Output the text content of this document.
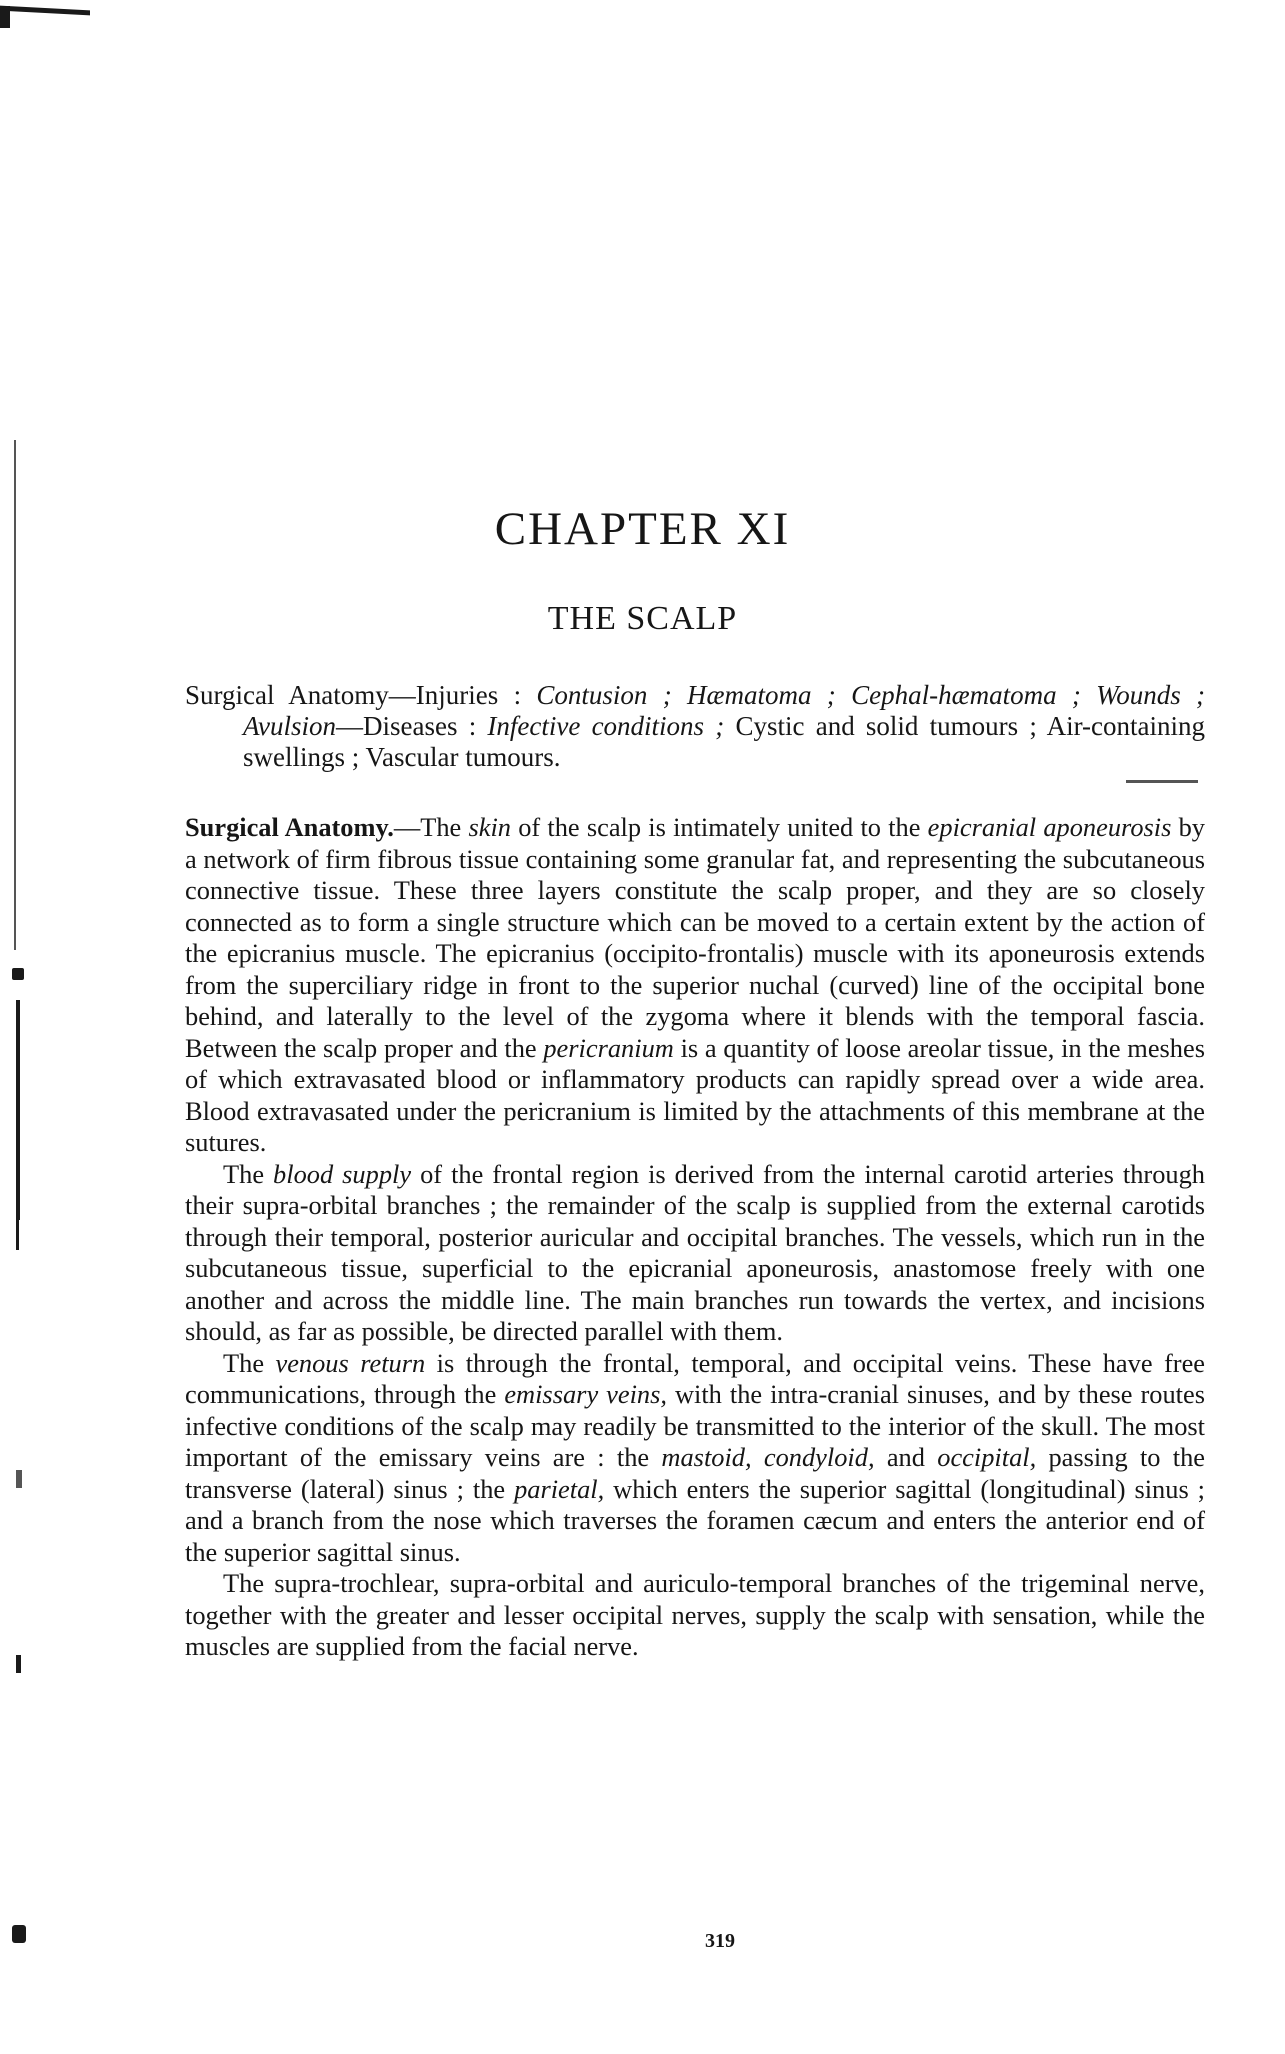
CHAPTER XI
THE SCALP

Surgical Anatomy—Injuries : Contusion ; Hæmatoma ; Cephal-hæmatoma ; Wounds ; Avulsion—Diseases : Infective conditions ; Cystic and solid tumours ; Air-containing swellings ; Vascular tumours.

Surgical Anatomy.—The skin of the scalp is intimately united to the epicranial aponeurosis by a network of firm fibrous tissue containing some granular fat, and representing the subcutaneous connective tissue. These three layers constitute the scalp proper, and they are so closely connected as to form a single structure which can be moved to a certain extent by the action of the epicranius muscle. The epicranius (occipito-frontalis) muscle with its aponeurosis extends from the superciliary ridge in front to the superior nuchal (curved) line of the occipital bone behind, and laterally to the level of the zygoma where it blends with the temporal fascia. Between the scalp proper and the pericranium is a quantity of loose areolar tissue, in the meshes of which extravasated blood or inflammatory products can rapidly spread over a wide area. Blood extravasated under the pericranium is limited by the attachments of this membrane at the sutures.

The blood supply of the frontal region is derived from the internal carotid arteries through their supra-orbital branches ; the remainder of the scalp is supplied from the external carotids through their temporal, posterior auricular and occipital branches. The vessels, which run in the subcutaneous tissue, superficial to the epicranial aponeurosis, anastomose freely with one another and across the middle line. The main branches run towards the vertex, and incisions should, as far as possible, be directed parallel with them.

The venous return is through the frontal, temporal, and occipital veins. These have free communications, through the emissary veins, with the intra-cranial sinuses, and by these routes infective conditions of the scalp may readily be transmitted to the interior of the skull. The most important of the emissary veins are : the mastoid, condyloid, and occipital, passing to the transverse (lateral) sinus ; the parietal, which enters the superior sagittal (longitudinal) sinus ; and a branch from the nose which traverses the foramen cæcum and enters the anterior end of the superior sagittal sinus.

The supra-trochlear, supra-orbital and auriculo-temporal branches of the trigeminal nerve, together with the greater and lesser occipital nerves, supply the scalp with sensation, while the muscles are supplied from the facial nerve.

319
